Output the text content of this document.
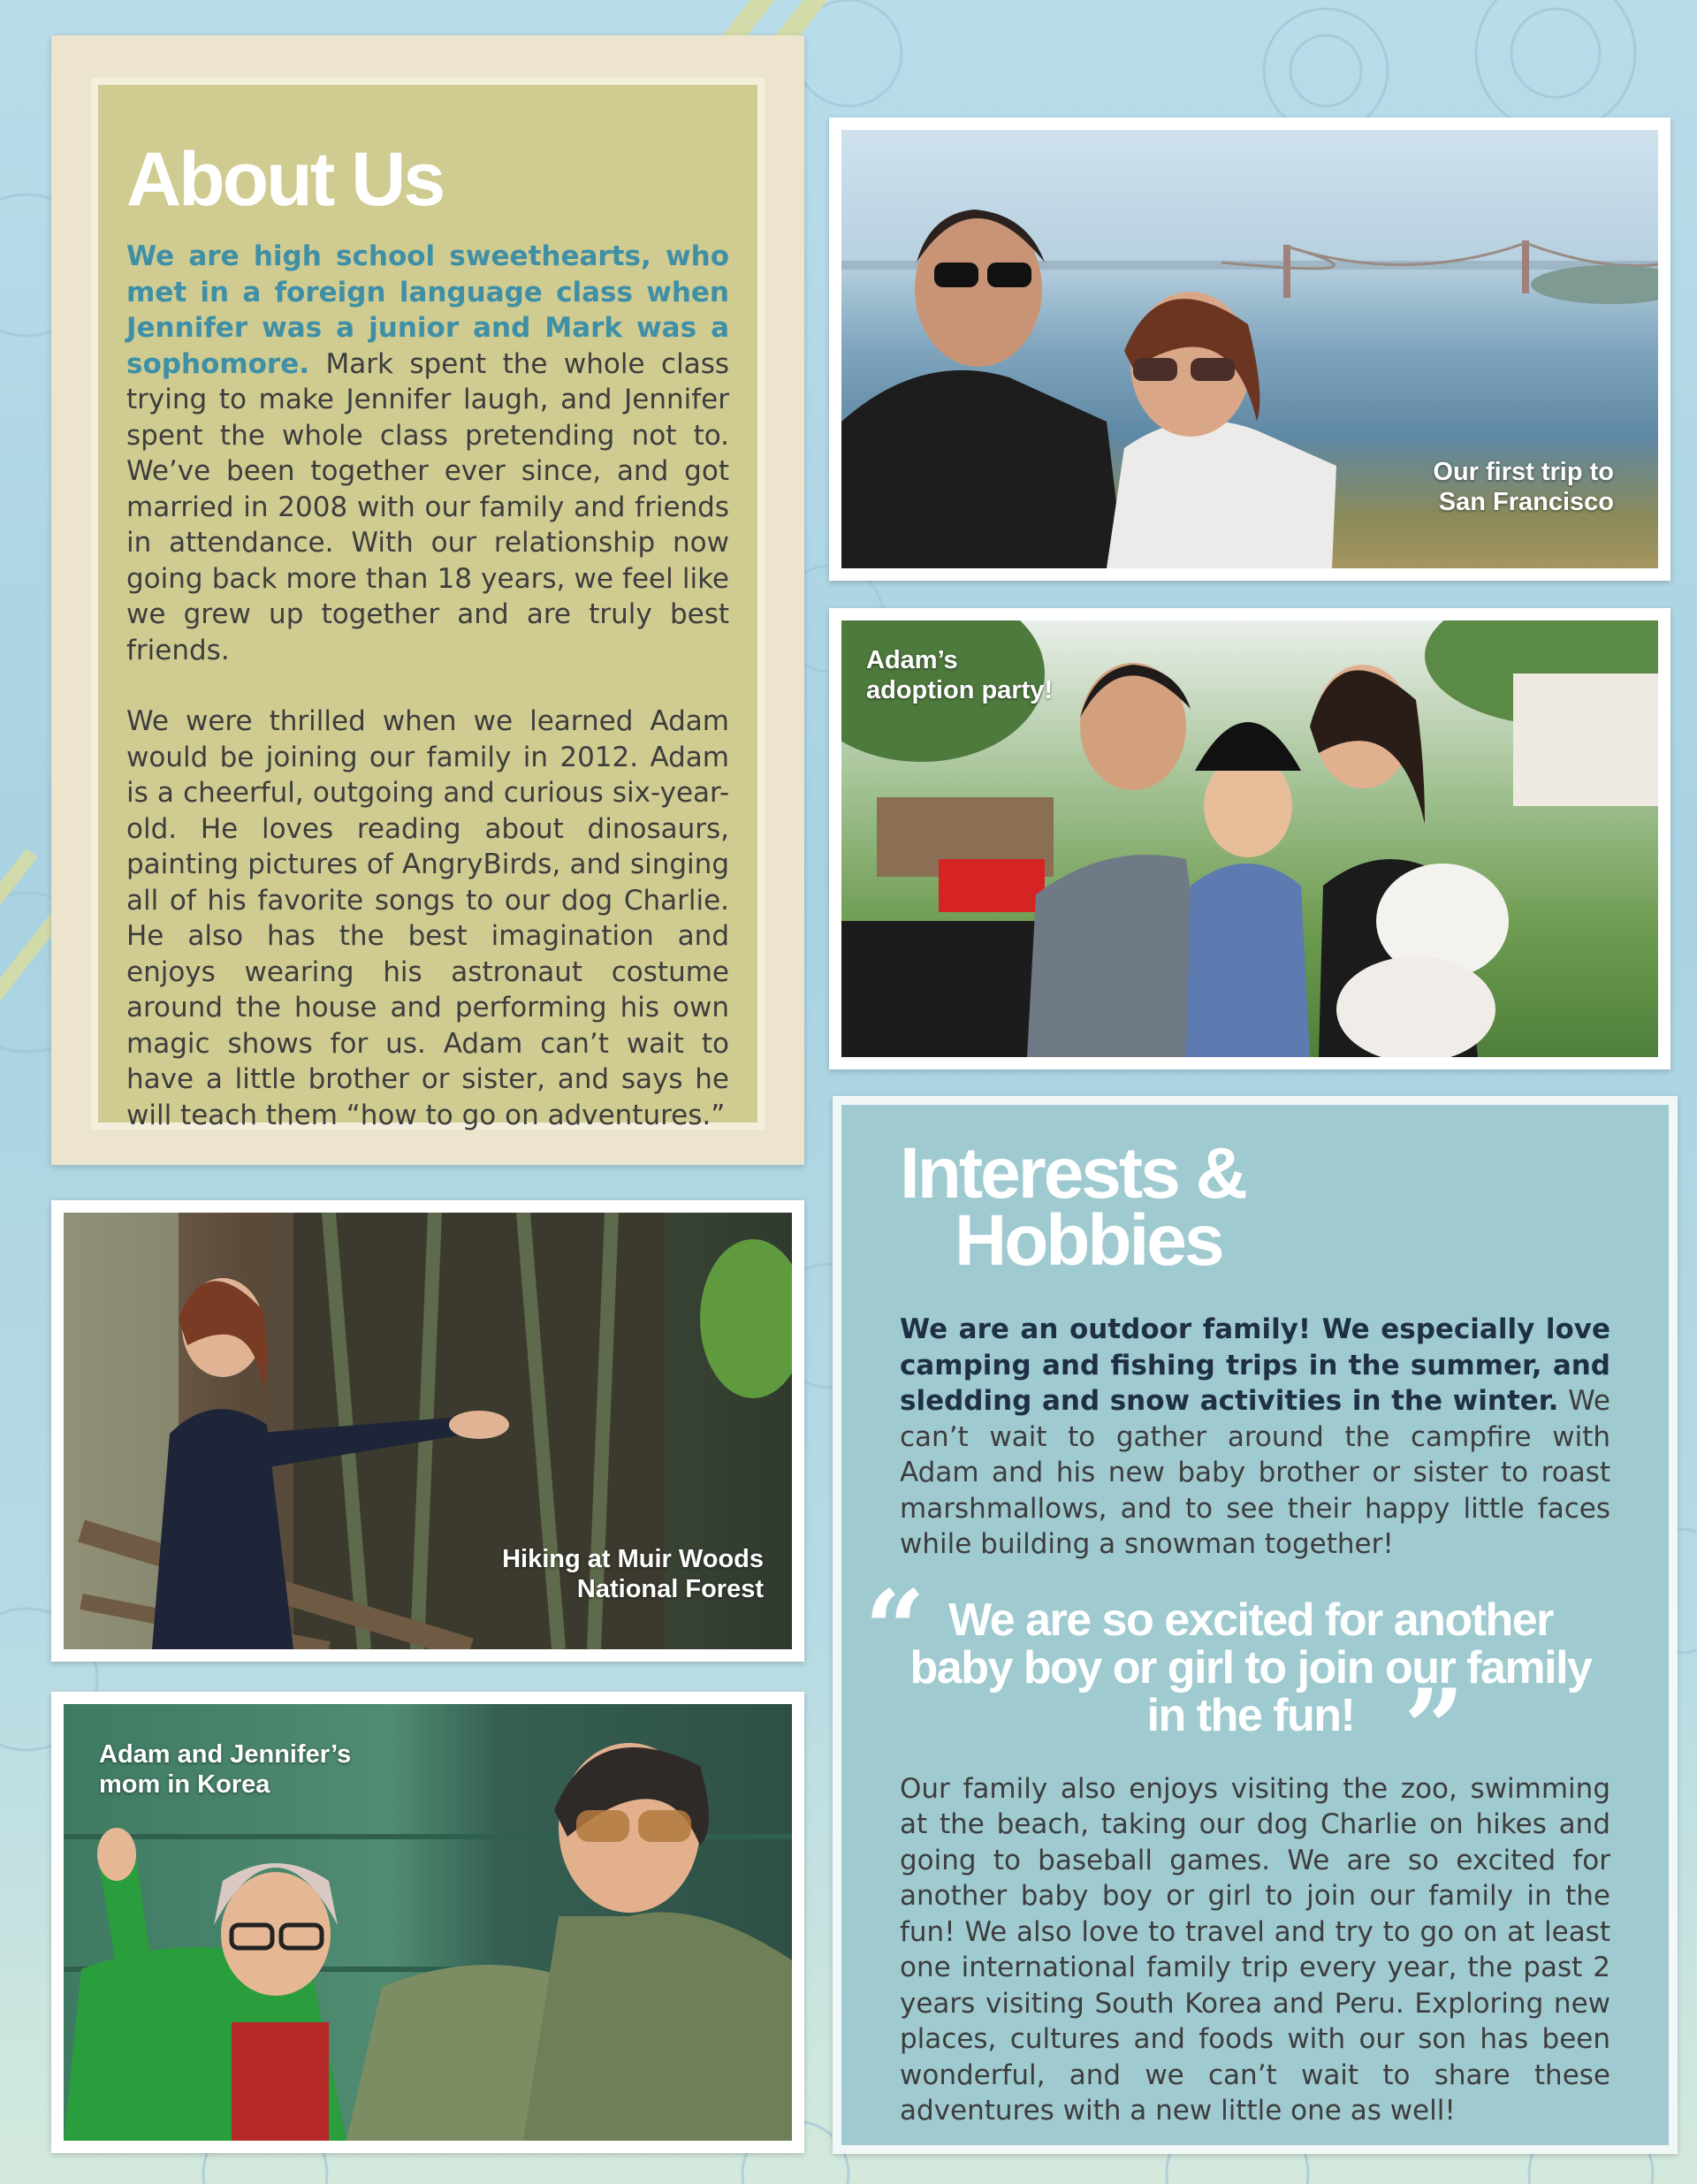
About Us

We are high school sweethearts, who met in a foreign language class when Jennifer was a junior and Mark was a sophomore. Mark spent the whole class trying to make Jennifer laugh, and Jennifer spent the whole class pretending not to. We’ve been together ever since, and got married in 2008 with our family and friends in attendance. With our relationship now going back more than 18 years, we feel like we grew up together and are truly best friends.

We were thrilled when we learned Adam would be joining our family in 2012. Adam is a cheerful, outgoing and curious six-year-old. He loves reading about dinosaurs, painting pictures of AngryBirds, and singing all of his favorite songs to our dog Charlie. He also has the best imagination and enjoys wearing his astronaut costume around the house and performing his own magic shows for us. Adam can’t wait to have a little brother or sister, and says he will teach them “how to go on adventures.”

Our first trip to
San Francisco
Adam’s
adoption party!
Hiking at Muir Woods
National Forest
Adam and Jennifer’s
mom in Korea
Interests &
Hobbies

We are an outdoor family! We especially love camping and fishing trips in the summer, and sledding and snow activities in the winter. We can’t wait to gather around the campfire with Adam and his new baby brother or sister to roast marshmallows, and to see their happy little faces while building a snowman together!

“ We are so excited for another
baby boy or girl to join our family
in the fun! ”

Our family also enjoys visiting the zoo, swimming at the beach, taking our dog Charlie on hikes and going to baseball games. We are so excited for another baby boy or girl to join our family in the fun! We also love to travel and try to go on at least one international family trip every year, the past 2 years visiting South Korea and Peru. Exploring new places, cultures and foods with our son has been wonderful, and we can’t wait to share these adventures with a new little one as well!
